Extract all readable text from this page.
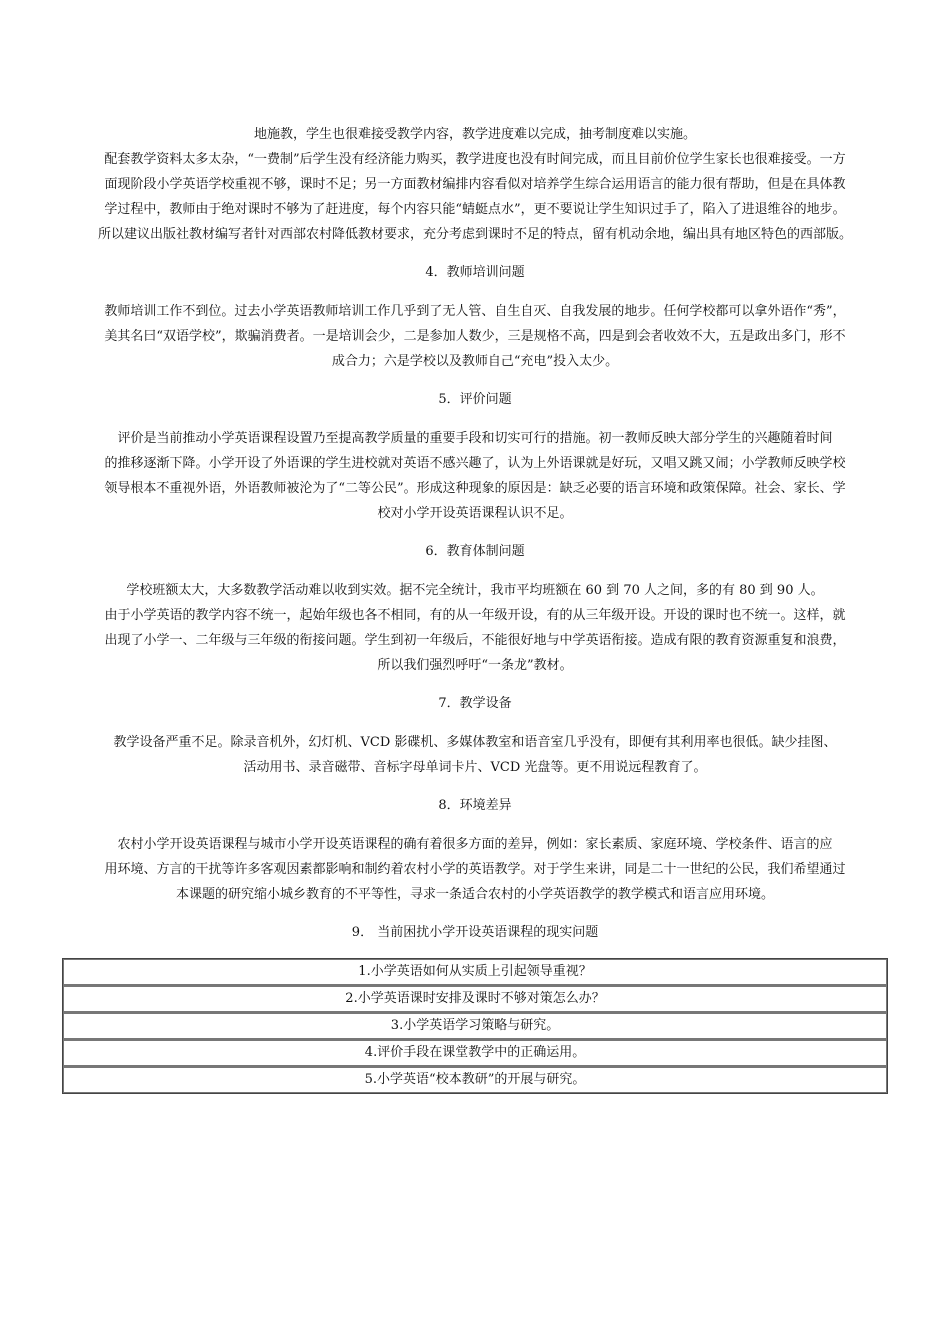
地施教，学生也很难接受教学内容，教学进度难以完成，抽考制度难以实施。

配套教学资料太多太杂，“一费制”后学生没有经济能力购买，教学进度也没有时间完成，而且目前价位学生家长也很难接受。一方

面现阶段小学英语学校重视不够，课时不足；另一方面教材编排内容看似对培养学生综合运用语言的能力很有帮助，但是在具体教

学过程中，教师由于绝对课时不够为了赶进度，每个内容只能“蜻蜓点水”，更不要说让学生知识过手了，陷入了进退维谷的地步。

所以建议出版社教材编写者针对西部农村降低教材要求，充分考虑到课时不足的特点，留有机动余地，编出具有地区特色的西部版。

4．教师培训问题

教师培训工作不到位。过去小学英语教师培训工作几乎到了无人管、自生自灭、自我发展的地步。任何学校都可以拿外语作“秀”，

美其名曰“双语学校”，欺骗消费者。一是培训会少，二是参加人数少，三是规格不高，四是到会者收效不大，五是政出多门，形不

成合力；六是学校以及教师自己“充电”投入太少。

5．评价问题

评价是当前推动小学英语课程设置乃至提高教学质量的重要手段和切实可行的措施。初一教师反映大部分学生的兴趣随着时间

的推移逐渐下降。小学开设了外语课的学生进校就对英语不感兴趣了，认为上外语课就是好玩，又唱又跳又闹；小学教师反映学校

领导根本不重视外语，外语教师被沦为了“二等公民”。形成这种现象的原因是：缺乏必要的语言环境和政策保障。社会、家长、学

校对小学开设英语课程认识不足。

6．教育体制问题

学校班额太大，大多数教学活动难以收到实效。据不完全统计，我市平均班额在 60 到 70 人之间，多的有 80 到 90 人。

由于小学英语的教学内容不统一，起始年级也各不相同，有的从一年级开设，有的从三年级开设。开设的课时也不统一。这样，就

出现了小学一、二年级与三年级的衔接问题。学生到初一年级后，不能很好地与中学英语衔接。造成有限的教育资源重复和浪费，

所以我们强烈呼吁“一条龙”教材。

7．教学设备

教学设备严重不足。除录音机外，幻灯机、VCD 影碟机、多媒体教室和语音室几乎没有，即便有其利用率也很低。缺少挂图、

活动用书、录音磁带、音标字母单词卡片、VCD 光盘等。更不用说远程教育了。

8．环境差异

农村小学开设英语课程与城市小学开设英语课程的确有着很多方面的差异，例如：家长素质、家庭环境、学校条件、语言的应

用环境、方言的干扰等许多客观因素都影响和制约着农村小学的英语教学。对于学生来讲，同是二十一世纪的公民，我们希望通过

本课题的研究缩小城乡教育的不平等性，寻求一条适合农村的小学英语教学的教学模式和语言应用环境。

9． 当前困扰小学开设英语课程的现实问题

1.小学英语如何从实质上引起领导重视？
2.小学英语课时安排及课时不够对策怎么办？
3.小学英语学习策略与研究。
4.评价手段在课堂教学中的正确运用。
5.小学英语“校本教研”的开展与研究。
